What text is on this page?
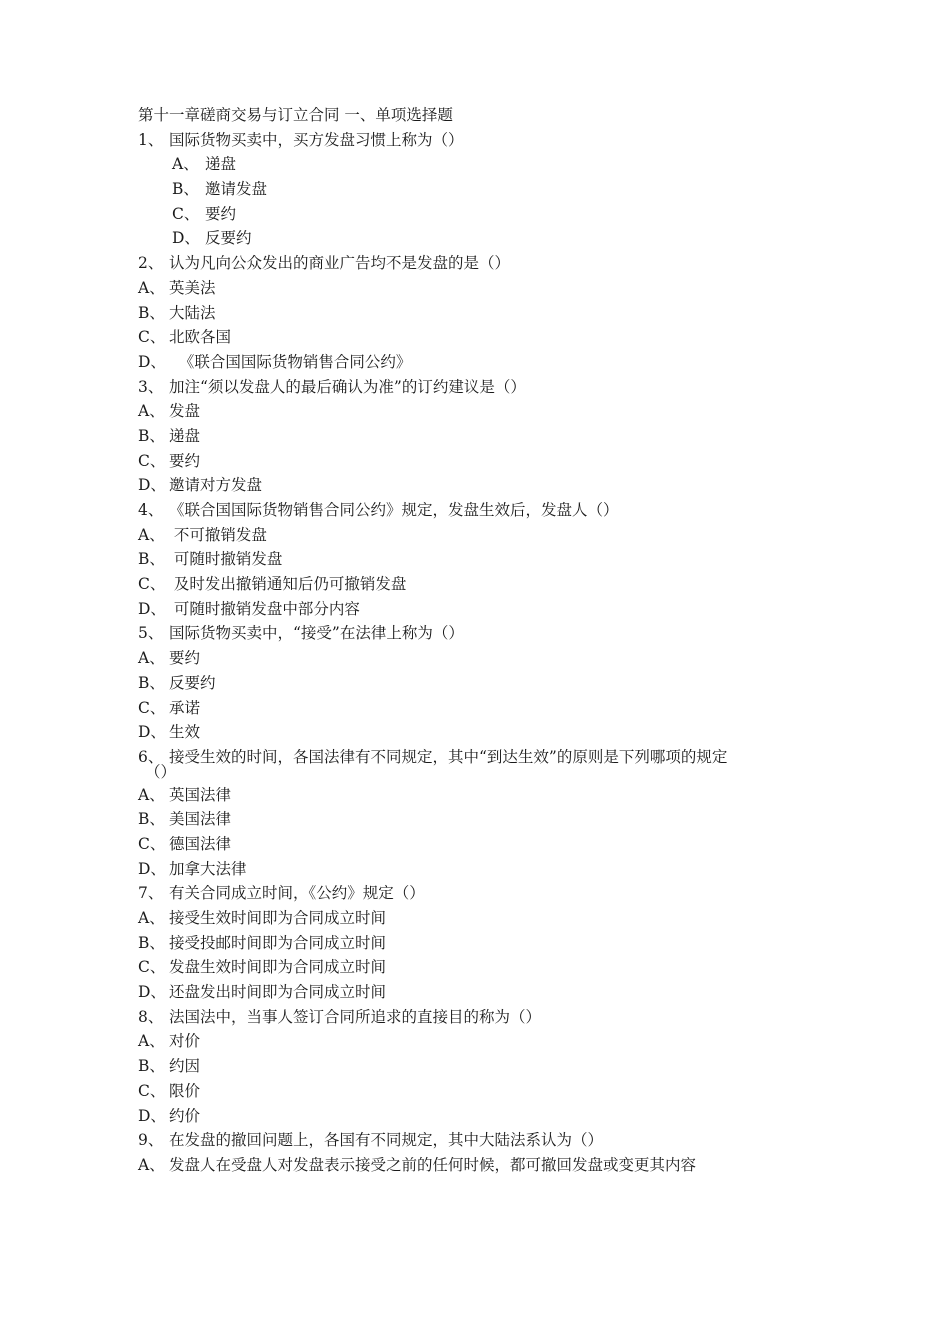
第十一章磋商交易与订立合同 一、单项选择题
1、 国际货物买卖中，买方发盘习惯上称为（）
A、 递盘
B、 邀请发盘
C、 要约
D、 反要约
2、 认为凡向公众发出的商业广告均不是发盘的是（）
A、 英美法
B、 大陆法
C、 北欧各国
D、 《联合国国际货物销售合同公约》
3、 加注“须以发盘人的最后确认为准”的订约建议是（）
A、 发盘
B、 递盘
C、 要约
D、 邀请对方发盘
4、 《联合国国际货物销售合同公约》规定，发盘生效后，发盘人（）
A、 不可撤销发盘
B、 可随时撤销发盘
C、 及时发出撤销通知后仍可撤销发盘
D、 可随时撤销发盘中部分内容
5、 国际货物买卖中，“接受”在法律上称为（）
A、 要约
B、 反要约
C、 承诺
D、 生效
6、 接受生效的时间，各国法律有不同规定，其中“到达生效”的原则是下列哪项的规定
（）
A、 英国法律
B、 美国法律
C、 德国法律
D、 加拿大法律
7、 有关合同成立时间，《公约》规定（）
A、 接受生效时间即为合同成立时间
B、 接受投邮时间即为合同成立时间
C、 发盘生效时间即为合同成立时间
D、 还盘发出时间即为合同成立时间
8、 法国法中，当事人签订合同所追求的直接目的称为（）
A、 对价
B、 约因
C、 限价
D、 约价
9、 在发盘的撤回问题上，各国有不同规定，其中大陆法系认为（）
A、 发盘人在受盘人对发盘表示接受之前的任何时候，都可撤回发盘或变更其内容
